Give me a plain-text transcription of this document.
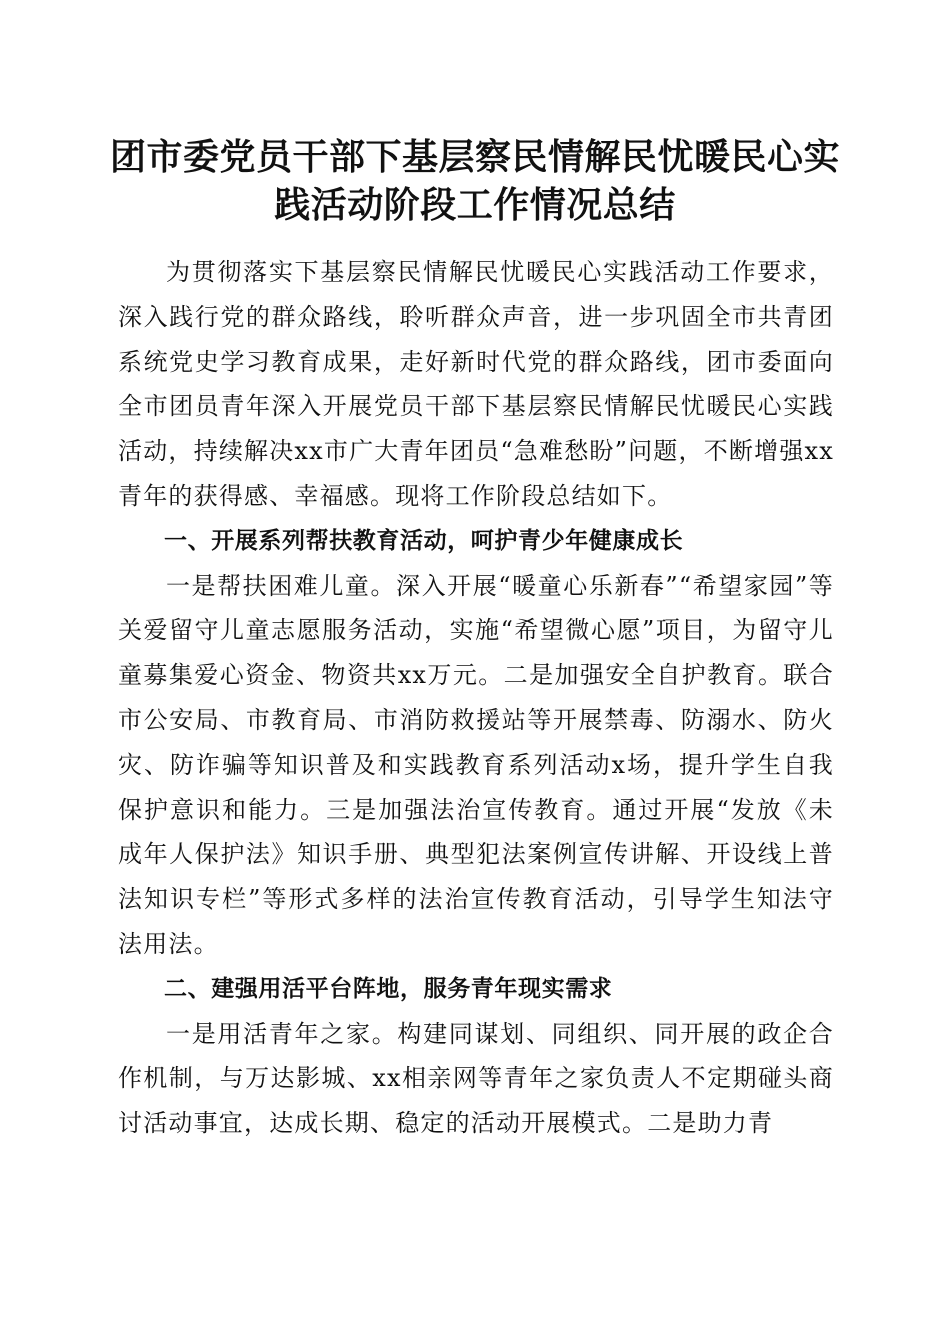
团市委党员干部下基层察民情解民忧暖民心实
践活动阶段工作情况总结

为贯彻落实下基层察民情解民忧暖民心实践活动工作要求，深入践行党的群众路线，聆听群众声音，进一步巩固全市共青团系统党史学习教育成果，走好新时代党的群众路线，团市委面向全市团员青年深入开展党员干部下基层察民情解民忧暖民心实践活动，持续解决xx市广大青年团员“急难愁盼”问题，不断增强xx青年的获得感、幸福感。现将工作阶段总结如下。

一、开展系列帮扶教育活动，呵护青少年健康成长

一是帮扶困难儿童。深入开展“暖童心乐新春”“希望家园”等关爱留守儿童志愿服务活动，实施“希望微心愿”项目，为留守儿童募集爱心资金、物资共xx万元。二是加强安全自护教育。联合市公安局、市教育局、市消防救援站等开展禁毒、防溺水、防火灾、防诈骗等知识普及和实践教育系列活动x场，提升学生自我保护意识和能力。三是加强法治宣传教育。通过开展“发放《未成年人保护法》知识手册、典型犯法案例宣传讲解、开设线上普法知识专栏”等形式多样的法治宣传教育活动，引导学生知法守法用法。

二、建强用活平台阵地，服务青年现实需求

一是用活青年之家。构建同谋划、同组织、同开展的政企合作机制，与万达影城、xx相亲网等青年之家负责人不定期碰头商讨活动事宜，达成长期、稳定的活动开展模式。二是助力青
